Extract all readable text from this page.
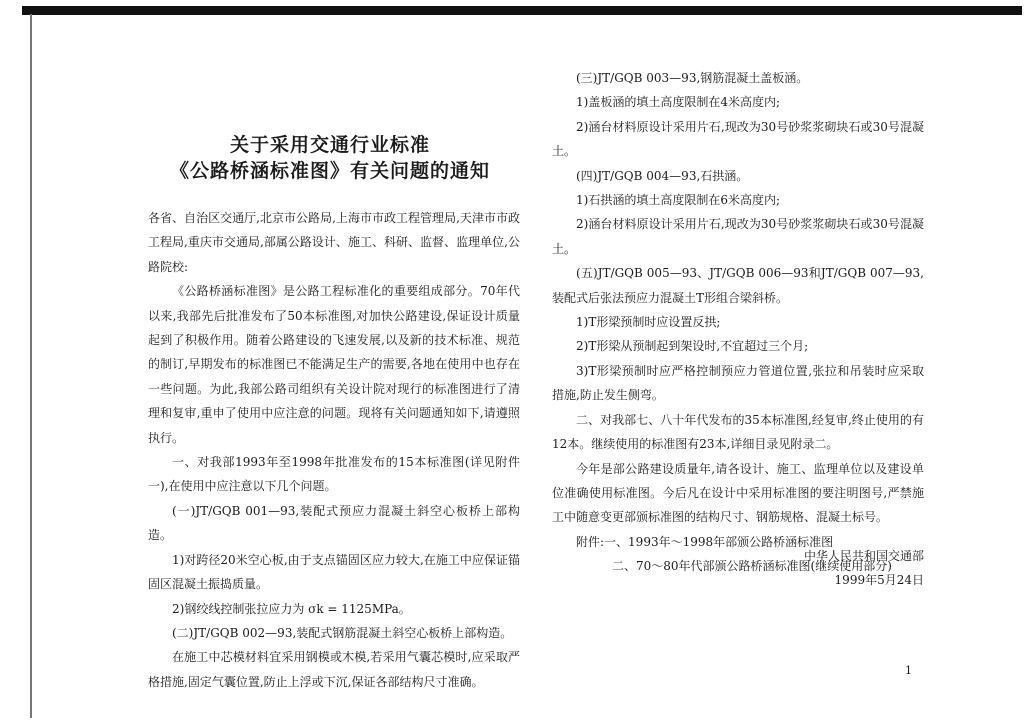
关于采用交通行业标准
《公路桥涵标准图》有关问题的通知

各省、自治区交通厅,北京市公路局,上海市市政工程管理局,天津市市政工程局,重庆市交通局,部属公路设计、施工、科研、监督、监理单位,公路院校:

《公路桥涵标准图》是公路工程标准化的重要组成部分。70年代以来,我部先后批准发布了50本标准图,对加快公路建设,保证设计质量起到了积极作用。随着公路建设的飞速发展,以及新的技术标准、规范的制订,早期发布的标准图已不能满足生产的需要,各地在使用中也存在一些问题。为此,我部公路司组织有关设计院对现行的标准图进行了清理和复审,重申了使用中应注意的问题。现将有关问题通知如下,请遵照执行。

一、对我部1993年至1998年批准发布的15本标准图(详见附件一),在使用中应注意以下几个问题。

(一)JT/GQB 001—93,装配式预应力混凝土斜空心板桥上部构造。

1)对跨径20米空心板,由于支点锚固区应力较大,在施工中应保证锚固区混凝土振捣质量。

2)钢绞线控制张拉应力为 σk = 1125MPa。

(二)JT/GQB 002—93,装配式钢筋混凝土斜空心板桥上部构造。

在施工中芯模材料宜采用钢模或木模,若采用气囊芯模时,应采取严格措施,固定气囊位置,防止上浮或下沉,保证各部结构尺寸准确。

(三)JT/GQB 003—93,钢筋混凝土盖板涵。

1)盖板涵的填土高度限制在4米高度内;

2)涵台材料原设计采用片石,现改为30号砂浆浆砌块石或30号混凝土。

(四)JT/GQB 004—93,石拱涵。

1)石拱涵的填土高度限制在6米高度内;

2)涵台材料原设计采用片石,现改为30号砂浆浆砌块石或30号混凝土。

(五)JT/GQB 005—93、JT/GQB 006—93和JT/GQB 007—93,装配式后张法预应力混凝土T形组合梁斜桥。

1)T形梁预制时应设置反拱;

2)T形梁从预制起到架设时,不宜超过三个月;

3)T形梁预制时应严格控制预应力管道位置,张拉和吊装时应采取措施,防止发生侧弯。

二、对我部七、八十年代发布的35本标准图,经复审,终止使用的有12本。继续使用的标准图有23本,详细目录见附录二。

今年是部公路建设质量年,请各设计、施工、监理单位以及建设单位准确使用标准图。今后凡在设计中采用标准图的要注明图号,严禁施工中随意变更部颁标准图的结构尺寸、钢筋规格、混凝土标号。

附件:一、1993年～1998年部颁公路桥涵标准图

二、70～80年代部颁公路桥涵标准图(继续使用部分)

中华人民共和国交通部
1999年5月24日
1
